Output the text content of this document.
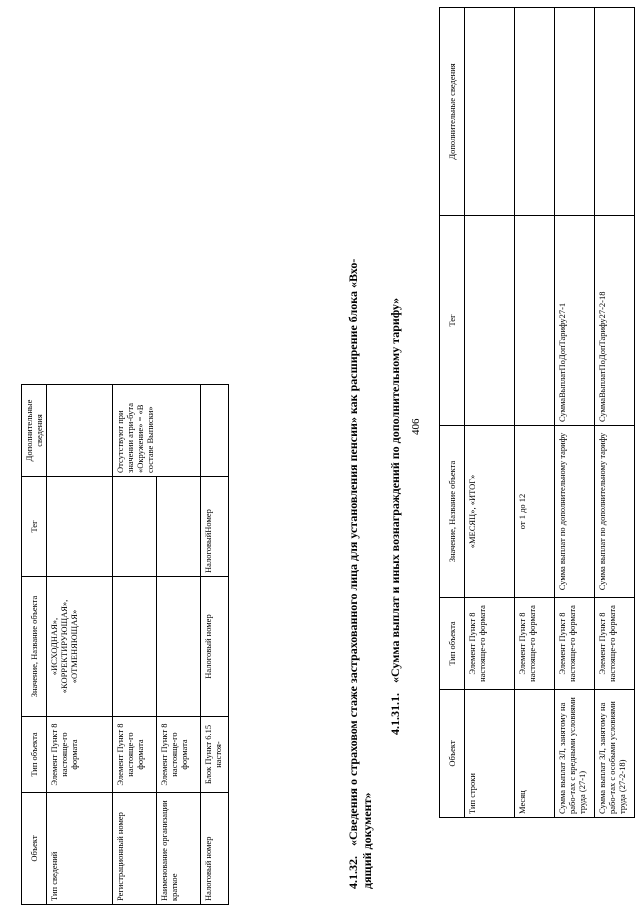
406
4.1.31.1.«Сумма выплат и иных вознаграждений по дополнительному тарифу»
Объект	Тип объекта	Значение, Название объекта	Тег	Дополнительные сведения
Тип строки	Элемент Пункт 8 настояще-го формата	«МЕСЯЦ», «ИТОГ»		
Месяц	Элемент Пункт 8 настояще-го формата	от 1 до 12		
Сумма выплат ЗЛ, занятому на рабо-тах с вредными условиями труда (27-1)	Элемент Пункт 8 настояще-го формата	Сумма выплат по дополнительному тарифу	СуммаВыплатПоДопТарифу27-1	
Сумма выплат ЗЛ, занятому на рабо-тах с особыми условиями труда (27-2-18)	Элемент Пункт 8 настояще-го формата	Сумма выплат по дополнительному тарифу	СуммаВыплатПоДопТарифу27-2-18	
4.1.32.«Сведения о страховом стаже застрахованного лица для установления пенсии» как расширение блока «Вхо- дящий документ»
Объект	Тип объекта	Значение, Название объекта	Тег	Дополнительные сведения
Тип сведений	Элемент Пункт 8 настояще-го формата	«ИСХОДНАЯ», «КОРРЕКТИРУЮЩАЯ», «ОТМЕНЯЮЩАЯ»		
Регистрационный номер	Элемент Пункт 8 настояще-го формата			Отсутствуют при значении атри-бута «Окружение» = «В составе Выписки»
Наименование организации краткое	Элемент Пункт 8 настояще-го формата			
Налоговый номер	Блок Пункт 6.15 настоя-	Налоговый номер	НалоговыйНомер	
